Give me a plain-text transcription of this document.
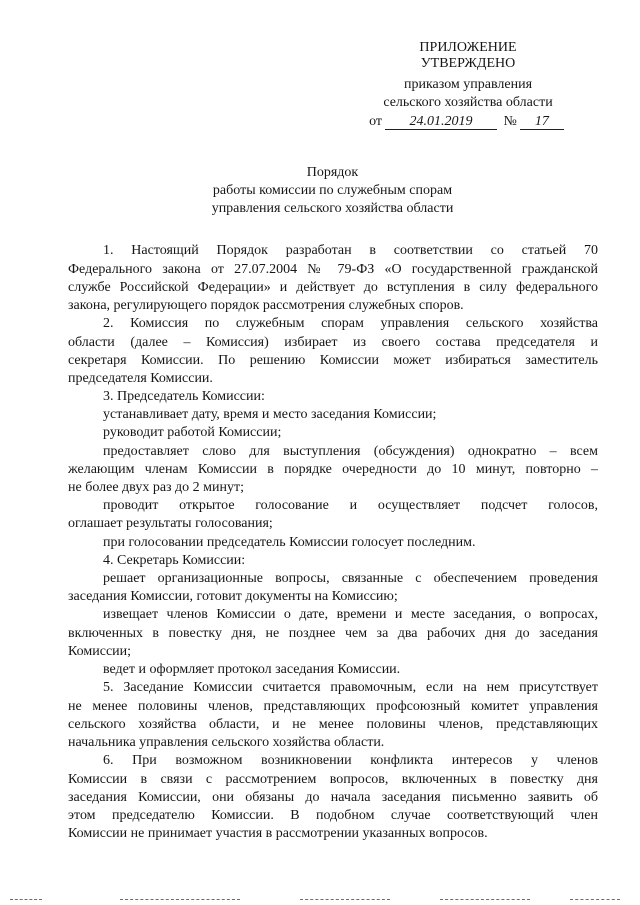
ПРИЛОЖЕНИЕ

УТВЕРЖДЕНО

приказом управления

сельского хозяйства области

от 24.01.2019 № 17

Порядок

работы комиссии по служебным спорам

управления сельского хозяйства области

1. Настоящий Порядок разработан в соответствии со статьей 70

Федерального закона от 27.07.2004 № 79-ФЗ «О государственной гражданской

службе Российской Федерации» и действует до вступления в силу федерального

закона, регулирующего порядок рассмотрения служебных споров.

2. Комиссия по служебным спорам управления сельского хозяйства

области (далее – Комиссия) избирает из своего состава председателя и

секретаря Комиссии. По решению Комиссии может избираться заместитель

председателя Комиссии.

3. Председатель Комиссии:

устанавливает дату, время и место заседания Комиссии;

руководит работой Комиссии;

предоставляет слово для выступления (обсуждения) однократно – всем

желающим членам Комиссии в порядке очередности до 10 минут, повторно –

не более двух раз до 2 минут;

проводит открытое голосование и осуществляет подсчет голосов,

оглашает результаты голосования;

при голосовании председатель Комиссии голосует последним.

4. Секретарь Комиссии:

решает организационные вопросы, связанные с обеспечением проведения

заседания Комиссии, готовит документы на Комиссию;

извещает членов Комиссии о дате, времени и месте заседания, о вопросах,

включенных в повестку дня, не позднее чем за два рабочих дня до заседания

Комиссии;

ведет и оформляет протокол заседания Комиссии.

5. Заседание Комиссии считается правомочным, если на нем присутствует

не менее половины членов, представляющих профсоюзный комитет управления

сельского хозяйства области, и не менее половины членов, представляющих

начальника управления сельского хозяйства области.

6. При возможном возникновении конфликта интересов у членов

Комиссии в связи с рассмотрением вопросов, включенных в повестку дня

заседания Комиссии, они обязаны до начала заседания письменно заявить об

этом председателю Комиссии. В подобном случае соответствующий член

Комиссии не принимает участия в рассмотрении указанных вопросов.
